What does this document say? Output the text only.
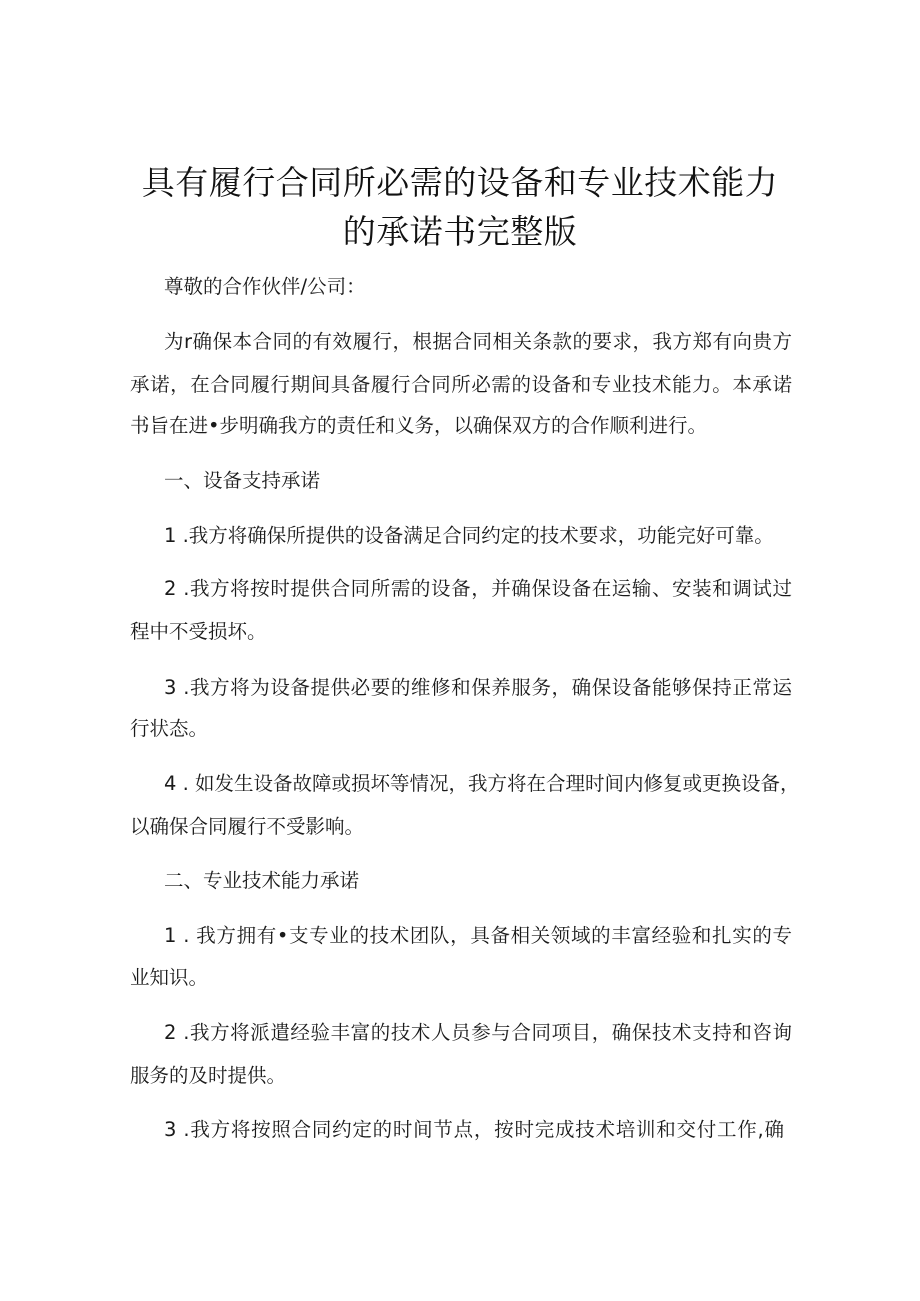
具有履行合同所必需的设备和专业技术能力
的承诺书完整版
尊敬的合作伙伴/公司：
为r确保本合同的有效履行，根据合同相关条款的要求，我方郑有向贵方
承诺，在合同履行期间具备履行合同所必需的设备和专业技术能力。本承诺
书旨在进•步明确我方的责任和义务，以确保双方的合作顺利进行。
一、设备支持承诺
1 .我方将确保所提供的设备满足合同约定的技术要求，功能完好可靠。
2 .我方将按时提供合同所需的设备，并确保设备在运输、安装和调试过
程中不受损坏。
3 .我方将为设备提供必要的维修和保养服务，确保设备能够保持正常运
行状态。
4 . 如发生设备故障或损坏等情况，我方将在合理时间内修复或更换设备，
以确保合同履行不受影响。
二、专业技术能力承诺
1 . 我方拥有•支专业的技术团队，具备相关领域的丰富经验和扎实的专
业知识。
2 .我方将派遣经验丰富的技术人员参与合同项目，确保技术支持和咨询
服务的及时提供。
3 .我方将按照合同约定的时间节点，按时完成技术培训和交付工作,确
